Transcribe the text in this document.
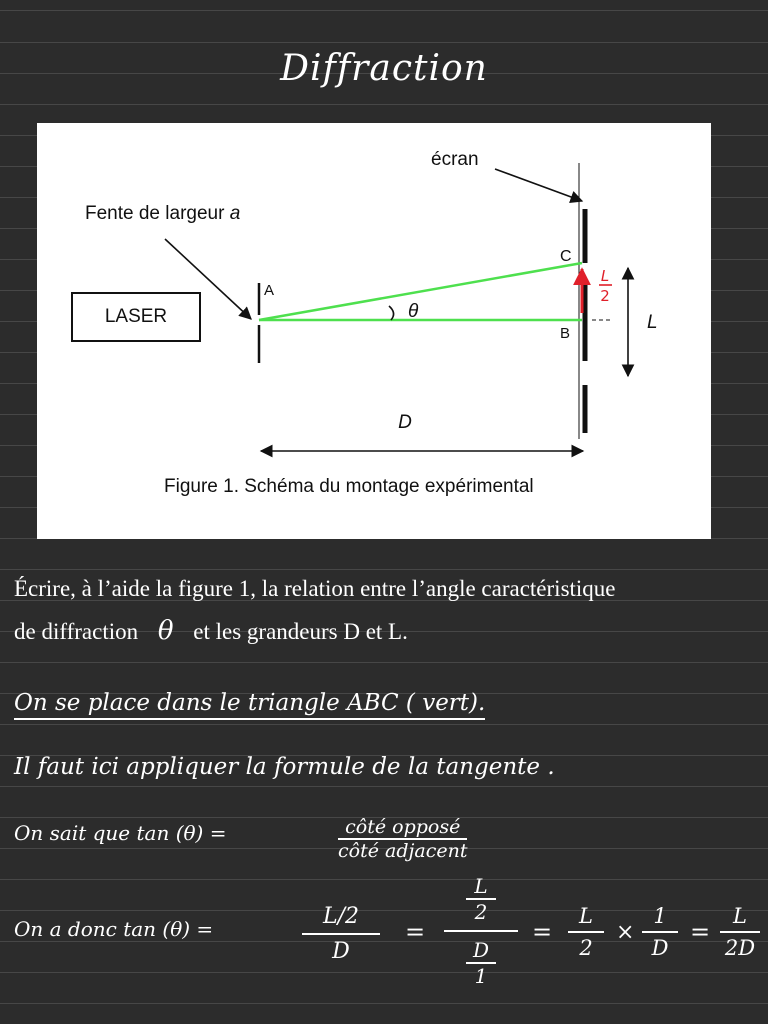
Diffraction
LASER
A
Fente de largeur a
écran
θ
C
B
L
2
L
D
Figure 1. Schéma du montage expérimental
Écrire, à l’aide la figure 1, la relation entre l’angle caractéristique
de diffraction θ et les grandeurs D et L.
On se place dans le triangle ABC ( vert).
Il faut ici appliquer la formule de la tangente .
On sait que tan (θ) =	côté opposé
côté adjacent
On a donc tan (θ) =	L/2
D
=
L
2
D
1
=
L
2
×
1
D
=
L
2D
